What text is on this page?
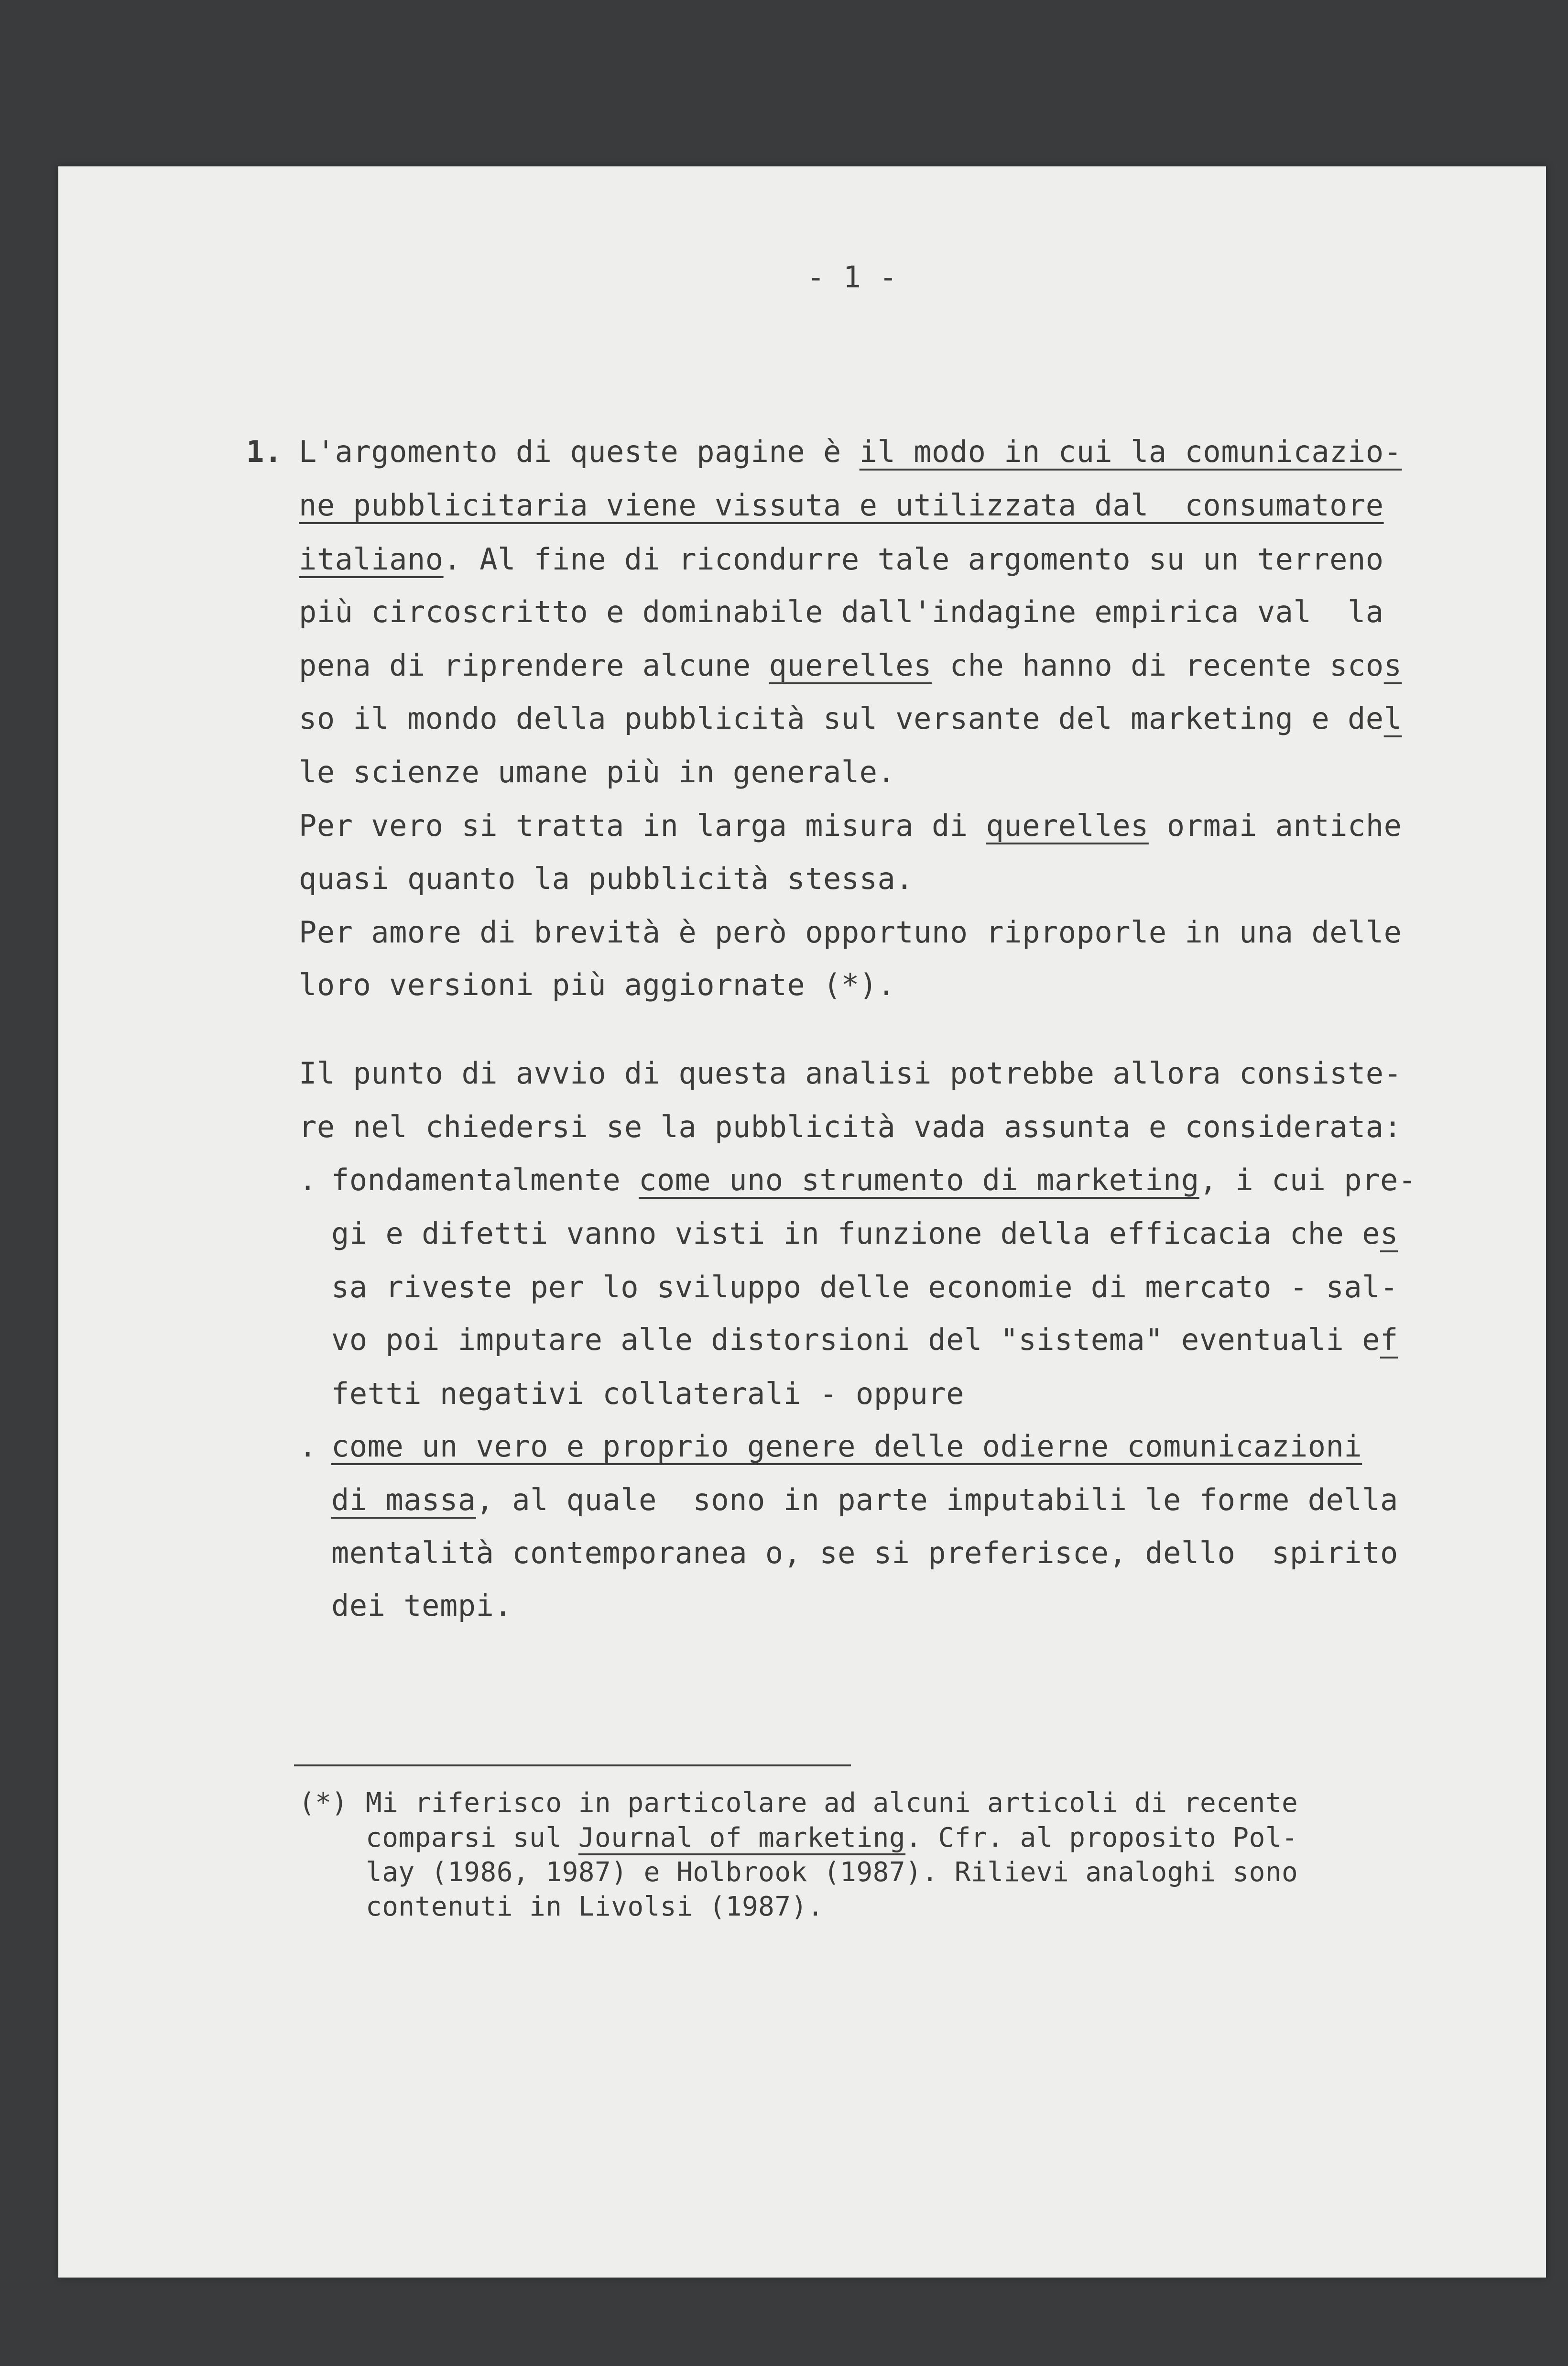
- 1 -
1. L'argomento di queste pagine è il modo in cui la comunicazio-
ne pubblicitaria viene vissuta e utilizzata dal  consumatore
italiano. Al fine di ricondurre tale argomento su un terreno
più circoscritto e dominabile dall'indagine empirica val  la
pena di riprendere alcune querelles che hanno di recente scos
so il mondo della pubblicità sul versante del marketing e del
le scienze umane più in generale.
Per vero si tratta in larga misura di querelles ormai antiche
quasi quanto la pubblicità stessa.
Per amore di brevità è però opportuno riproporle in una delle
loro versioni più aggiornate (*).
Il punto di avvio di questa analisi potrebbe allora consiste-
re nel chiedersi se la pubblicità vada assunta e considerata:
. fondamentalmente come uno strumento di marketing, i cui pre-
gi e difetti vanno visti in funzione della efficacia che es
sa riveste per lo sviluppo delle economie di mercato - sal-
vo poi imputare alle distorsioni del "sistema" eventuali ef
fetti negativi collaterali - oppure
. come un vero e proprio genere delle odierne comunicazioni
di massa, al quale  sono in parte imputabili le forme della
mentalità contemporanea o, se si preferisce, dello  spirito
dei tempi.
(*) Mi riferisco in particolare ad alcuni articoli di recente
comparsi sul Journal of marketing. Cfr. al proposito Pol-
lay (1986, 1987) e Holbrook (1987). Rilievi analoghi sono
contenuti in Livolsi (1987).
